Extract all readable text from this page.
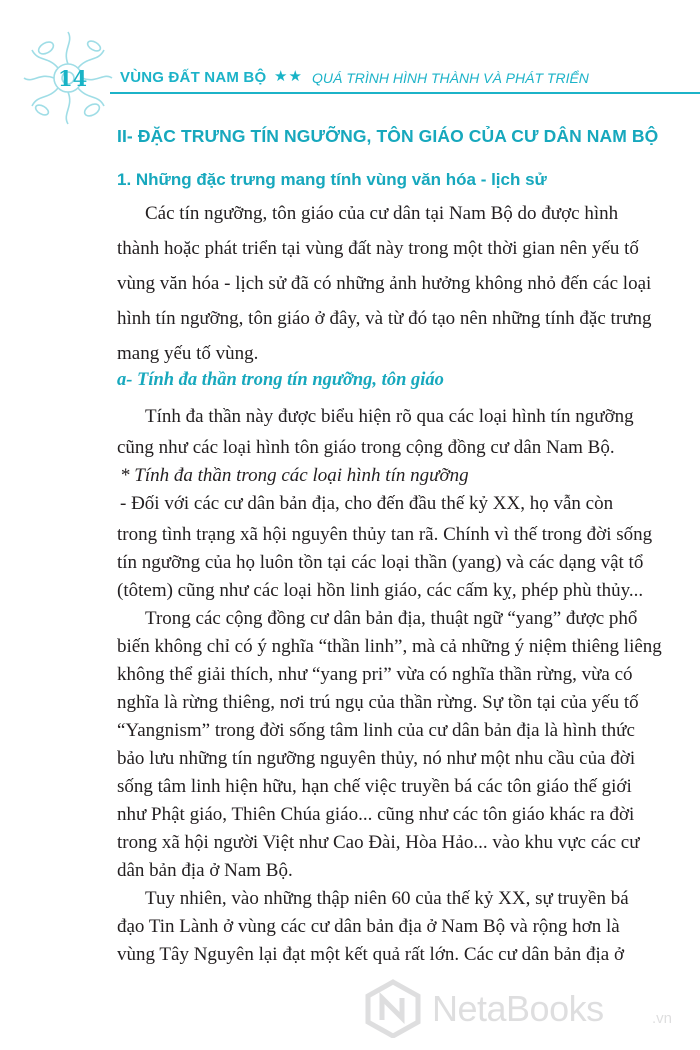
14 VÙNG ĐẤT NAM BỘ ★★ QUÁ TRÌNH HÌNH THÀNH VÀ PHÁT TRIỂN
II- ĐẶC TRƯNG TÍN NGƯỠNG, TÔN GIÁO CỦA CƯ DÂN NAM BỘ
1. Những đặc trưng mang tính vùng văn hóa - lịch sử
Các tín ngưỡng, tôn giáo của cư dân tại Nam Bộ do được hình
thành hoặc phát triển tại vùng đất này trong một thời gian nên yếu tố
vùng văn hóa - lịch sử đã có những ảnh hưởng không nhỏ đến các loại
hình tín ngưỡng, tôn giáo ở đây, và từ đó tạo nên những tính đặc trưng
mang yếu tố vùng.
a- Tính đa thần trong tín ngưỡng, tôn giáo
Tính đa thần này được biểu hiện rõ qua các loại hình tín ngưỡng
cũng như các loại hình tôn giáo trong cộng đồng cư dân Nam Bộ.
* Tính đa thần trong các loại hình tín ngưỡng
- Đối với các cư dân bản địa, cho đến đầu thế kỷ XX, họ vẫn còn
trong tình trạng xã hội nguyên thủy tan rã. Chính vì thế trong đời sống
tín ngưỡng của họ luôn tồn tại các loại thần (yang) và các dạng vật tổ
(tôtem) cũng như các loại hồn linh giáo, các cấm kỵ, phép phù thủy...
Trong các cộng đồng cư dân bản địa, thuật ngữ “yang” được phổ
biến không chỉ có ý nghĩa “thần linh”, mà cả những ý niệm thiêng liêng
không thể giải thích, như “yang pri” vừa có nghĩa thần rừng, vừa có
nghĩa là rừng thiêng, nơi trú ngụ của thần rừng. Sự tồn tại của yếu tố
“Yangnism” trong đời sống tâm linh của cư dân bản địa là hình thức
bảo lưu những tín ngưỡng nguyên thủy, nó như một nhu cầu của đời
sống tâm linh hiện hữu, hạn chế việc truyền bá các tôn giáo thế giới
như Phật giáo, Thiên Chúa giáo... cũng như các tôn giáo khác ra đời
trong xã hội người Việt như Cao Đài, Hòa Hảo... vào khu vực các cư
dân bản địa ở Nam Bộ.
Tuy nhiên, vào những thập niên 60 của thế kỷ XX, sự truyền bá
đạo Tin Lành ở vùng các cư dân bản địa ở Nam Bộ và rộng hơn là
vùng Tây Nguyên lại đạt một kết quả rất lớn. Các cư dân bản địa ở
NetaBooks	.vn
